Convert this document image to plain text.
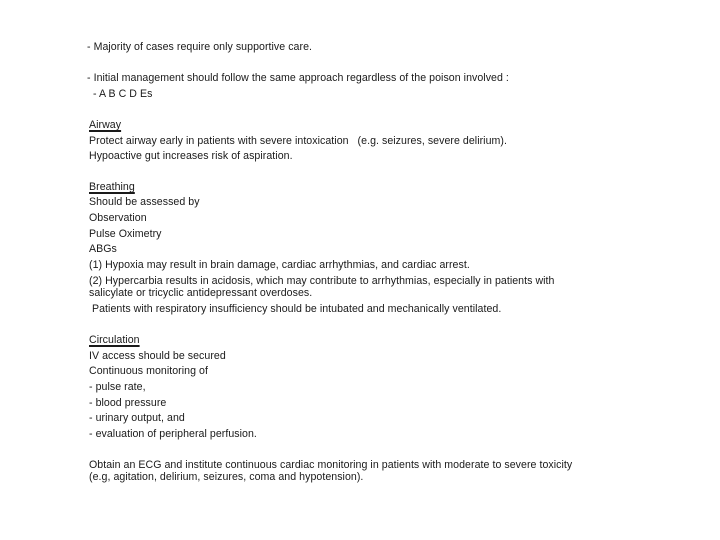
- Majority of cases require only supportive care.
- Initial management should follow the same approach regardless of the poison involved :
- A B C D Es
Airway
Protect airway early in patients with severe intoxication   (e.g. seizures, severe delirium).
Hypoactive gut increases risk of aspiration.
Breathing
Should be assessed by
Observation
Pulse Oximetry
ABGs
(1) Hypoxia may result in brain damage, cardiac arrhythmias, and cardiac arrest.
(2) Hypercarbia results in acidosis, which may contribute to arrhythmias, especially in patients with
salicylate or tricyclic antidepressant overdoses.
Patients with respiratory insufficiency should be intubated and mechanically ventilated.
Circulation
IV access should be secured
Continuous monitoring of
- pulse rate,
- blood pressure
- urinary output, and
- evaluation of peripheral perfusion.
Obtain an ECG and institute continuous cardiac monitoring in patients with moderate to severe toxicity
(e.g, agitation, delirium, seizures, coma and hypotension).
